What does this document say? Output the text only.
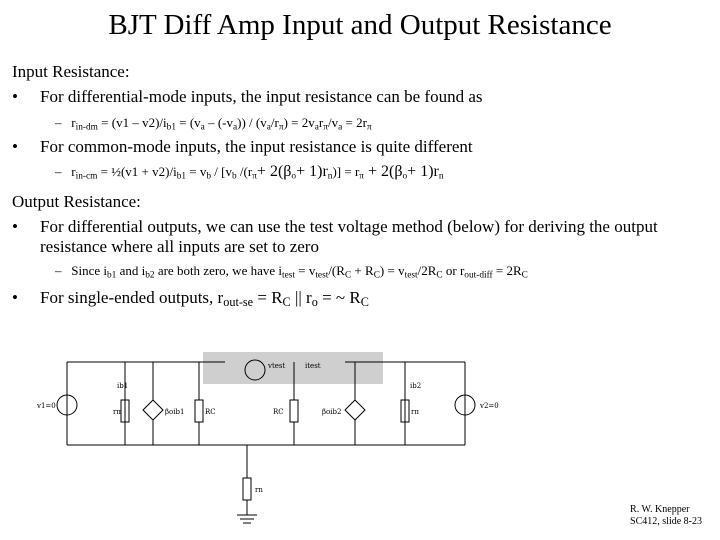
BJT Diff Amp Input and Output Resistance
Input Resistance:
• For differential-mode inputs, the input resistance can be found as
– $r_{in-dm} = (v1 - v2)/i_{b1} = (v_a - (-v_a)) / (v_a/r_\pi) = 2v_ar_\pi/v_a = 2r_\pi$
• For common-mode inputs, the input resistance is quite different
– $r_{in-cm}$ = ½(v1 + $v2)/i_{b1} = v_b / [v_b$ $/(r_\pi+ 2(\beta_o+ 1)r_n)] = r_\pi + 2(\beta_o+ 1)r_n$
Output Resistance:
• For differential outputs, we can use the test voltage method (below) for deriving the output resistance where all inputs are set to zero
– Since $i_{b1}$ and $i_{b2}$ are both zero, we have $i_{test} = v_{test}/(R_C + R_C) = v_{test}/2R_C$ or $r_{out-diff} = 2R_C$
• For single-ended outputs, $r_{out-se} = R_C$ || $r_o$ = ~ $R_C$
v1=0	v2=0
ib1	ib2
rπ	rπ
βoib1	βoib2
RC	RC
vtest	itest
rn
R. W. Knepper
SC412, slide 8-23
